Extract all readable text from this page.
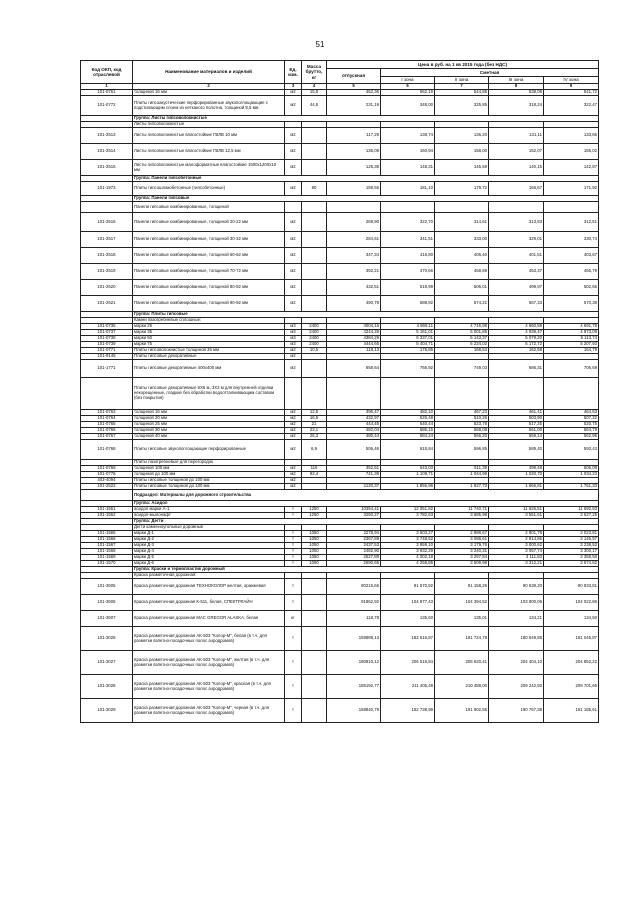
51
Код ОКП, код отраслевой	Наименование материалов и изделий	Ед. изм.	Масса брутто, кг	Цена в руб. на 1 кв 2015 года (без НДС)				
				отпускная	Сметная			
					I зона	II зона	III зона	IV зона
1	2	3	4	5	6	7	8	9
101-0761	толщиной 16 мм	м2	15,8	462,36	562,19	544,86	538,08	541,72
101-0772	Плиты гипсоакустические перфорированные звукопоглощающие с подстилающим слоем из нетканого полотна, толщиной 8,5 мм	м2	44,6	231,19	348,00	325,85	318,24	322,47
	Группа: Листы гипсоволокнистые							
	Листы гипсоволокнистые							
101-2513	Листы гипсоволокнистые влагостойкие ГВЛВ 10 мм	м2		117,29	138,74	136,20	131,11	133,66
101-2514	Листы гипсоволокнистые влагостойкие ГВЛВ 12,5 мм	м2		136,08	160,94	158,00	152,07	155,02
101-2515	Листы гипсоволокнистые малоформатные влагостойкие 1500x1200x10 мм	м2		125,38	148,31	145,59	140,15	142,87
	Группа: Панели гипсобетонные							
101-1973	Плиты гипсошлакобетонные (гипсобетонные)	м2	80	159,56	181,10	179,72	166,67	171,92
	Группа: Панели гипсовые							
	Панели гипсовые комбинированные, толщиной							
101-2516	Панели гипсовые комбинированные, толщиной 20-22 мм	м2		268,90	322,70	314,61	313,83	312,51
101-2517	Панели гипсовые комбинированные, толщиной 30-32 мм	м2		284,61	341,51	333,00	329,01	330,74
101-2518	Панели гипсовые комбинированные, толщиной 60-62 мм	м2		347,34	416,80	406,40	401,51	403,67
101-2519	Панели гипсовые комбинированные, толщиной 70-72 мм	м2		392,21	470,66	458,89	453,37	455,79
101-2520	Панели гипсовые комбинированные, толщиной 80-82 мм	м2		432,51	518,99	506,01	499,97	502,65
101-2521	Панели гипсовые комбинированные, толщиной 90-92 мм	м2		490,78	588,92	574,21	567,33	570,38
	Группа: Плиты гипсовые							
	Камни пазогребневые сплошные:							
101-0736	марки 25	м3	2400	4004,16	4 869,11	4 716,98	4 660,59	4 691,78
101-0737	марки 35	м3	2400	4244,28	5 161,01	5 001,85	4 939,47	4 973,09
101-0738	марки 50	м3	2400	4384,29	5 337,01	5 143,37	5 079,20	5 113,74
101-0739	марки 75	м3	2400	4444,66	5 404,71	5 234,02	5 172,72	5 207,93
101-0771	Плиты гипсоволокнистые толщиной 36 мм	м2	10,5	118,13	176,85	168,53	162,58	164,79
101-9145	Плиты гипсовые декоративные	м2						
101-1771	Плиты гипсовые декоративные 400x400 мм	м2		658,64	766,92	749,03	686,31	706,69
	Плиты гипсовые декоративные 6Х6 м, 3Х3 м для внутренней отделки некорещенные, гладкие без обработки водоотталкивающим составом (без покрытия)							
101-0763	толщиной 16 мм	м2	12,5	396,47	482,10	467,23	461,41	464,53
101-0764	толщиной 20 мм	м2	16,5	432,97	526,48	510,26	503,90	507,32
101-0765	толщиной 25 мм	м2	21	444,45	540,44	523,78	517,25	520,75
101-0766	толщиной 30 мм	м2	23,1	482,04	586,15	568,08	561,00	564,79
101-0767	толщиной 40 мм	м2	26,3	480,44	584,24	566,20	559,14	562,96
101-0768	Плиты гипсовые звукопоглощающие перфорированные	м2	6,9	506,46	615,84	596,85	589,40	593,43
	Плиты пазогребневые для перегородок							
101-0769	толщиной 100 мм	м2	116	352,61	543,03	511,39	499,48	506,08
101-0778	толщиной до 100 мм	м2	92,4	741,39	1 109,71	1 044,99	1 020,70	1 034,23
403-4094	Плиты гипсовые толщиной до 100 мм	м2						
101-2522	Плиты гипсовые толщиной до 100 мм	м2		1120,37	1 856,96	1 827,73	1 666,81	1 751,33
	Подраздел: Материалы для дорожного строительства							
	Группа: Асидол							
101-1551	асидол марки А-1	т	1250	10354,41	12 051,82	11 740,71	11 626,51	11 692,93
101-1552	асидол-мылонафт	т	1250	3250,27	3 782,63	3 685,98	3 551,61	3 627,25
	Группа: Дегти							
	Дегти каменноугольные дорожные							
101-1565	марки Д-1	т	1050	2278,94	3 603,27	2 988,67	2 801,78	3 023,81
101-1566	марки Д-2	т	1050	2367,89	3 748,62	3 088,61	2 914,86	3 145,97
101-1567	марки Д-3	т	1050	2437,53	3 859,10	3 179,76	3 000,62	3 238,52
101-1568	марки Д-4	т	1050	2482,90	3 932,29	3 240,31	3 057,74	3 300,17
101-1569	марки Д-5	т	1050	2527,89	4 002,18	3 297,84	3 111,83	3 358,58
101-1570	марки Д-6	т	1050	2690,65	4 259,85	3 509,98	3 312,21	3 574,82
	Группа: Краски и термопластик дорожный							
	Краска разметочная дорожная:							
101-3505	Краска разметочная дорожная ТЕХНОКОЛОР желтая, оранжевая	т		80215,66	91 570,92	91 158,26	90 639,20	90 833,81
101-3506	Краска разметочная дорожная К-511, белая, СПЕКТРЛАЙН	т		91862,92	104 877,43	104 394,52	103 800,06	104 022,86
101-3507	Краска разметочная дорожная MAC GREGOR ALASKA, белая	кг		118,78	135,60	135,01	134,21	134,50
101-3026	Краска разметочная дорожная АК-503 "Колор-М", белая (в т.ч. для разметки взлетно-посадочных полос аэродромов)	т		159889,13	182 516,87	181 724,78	180 649,85	181 045,87
101-3027	Краска разметочная дорожная АК-503 "Колор-М", желтая (в т.ч. для разметки взлетно-посадочных полос аэродромов)	т		180910,12	206 516,84	205 620,41	204 404,10	204 852,22
101-3028	Краска разметочная дорожная АК-503 "Колор-М", красная (в т.ч. для разметки взлетно-посадочных полос аэродромов)	т		185192,77	211 405,48	210 488,00	209 242,93	209 701,65
101-3029	Краска разметочная дорожная АК-503 "Колор-М", черная (в т.ч. для разметки взлетно-посадочных полос аэродромов)	т		168840,79	192 738,99	191 902,55	190 767,38	191 185,61
